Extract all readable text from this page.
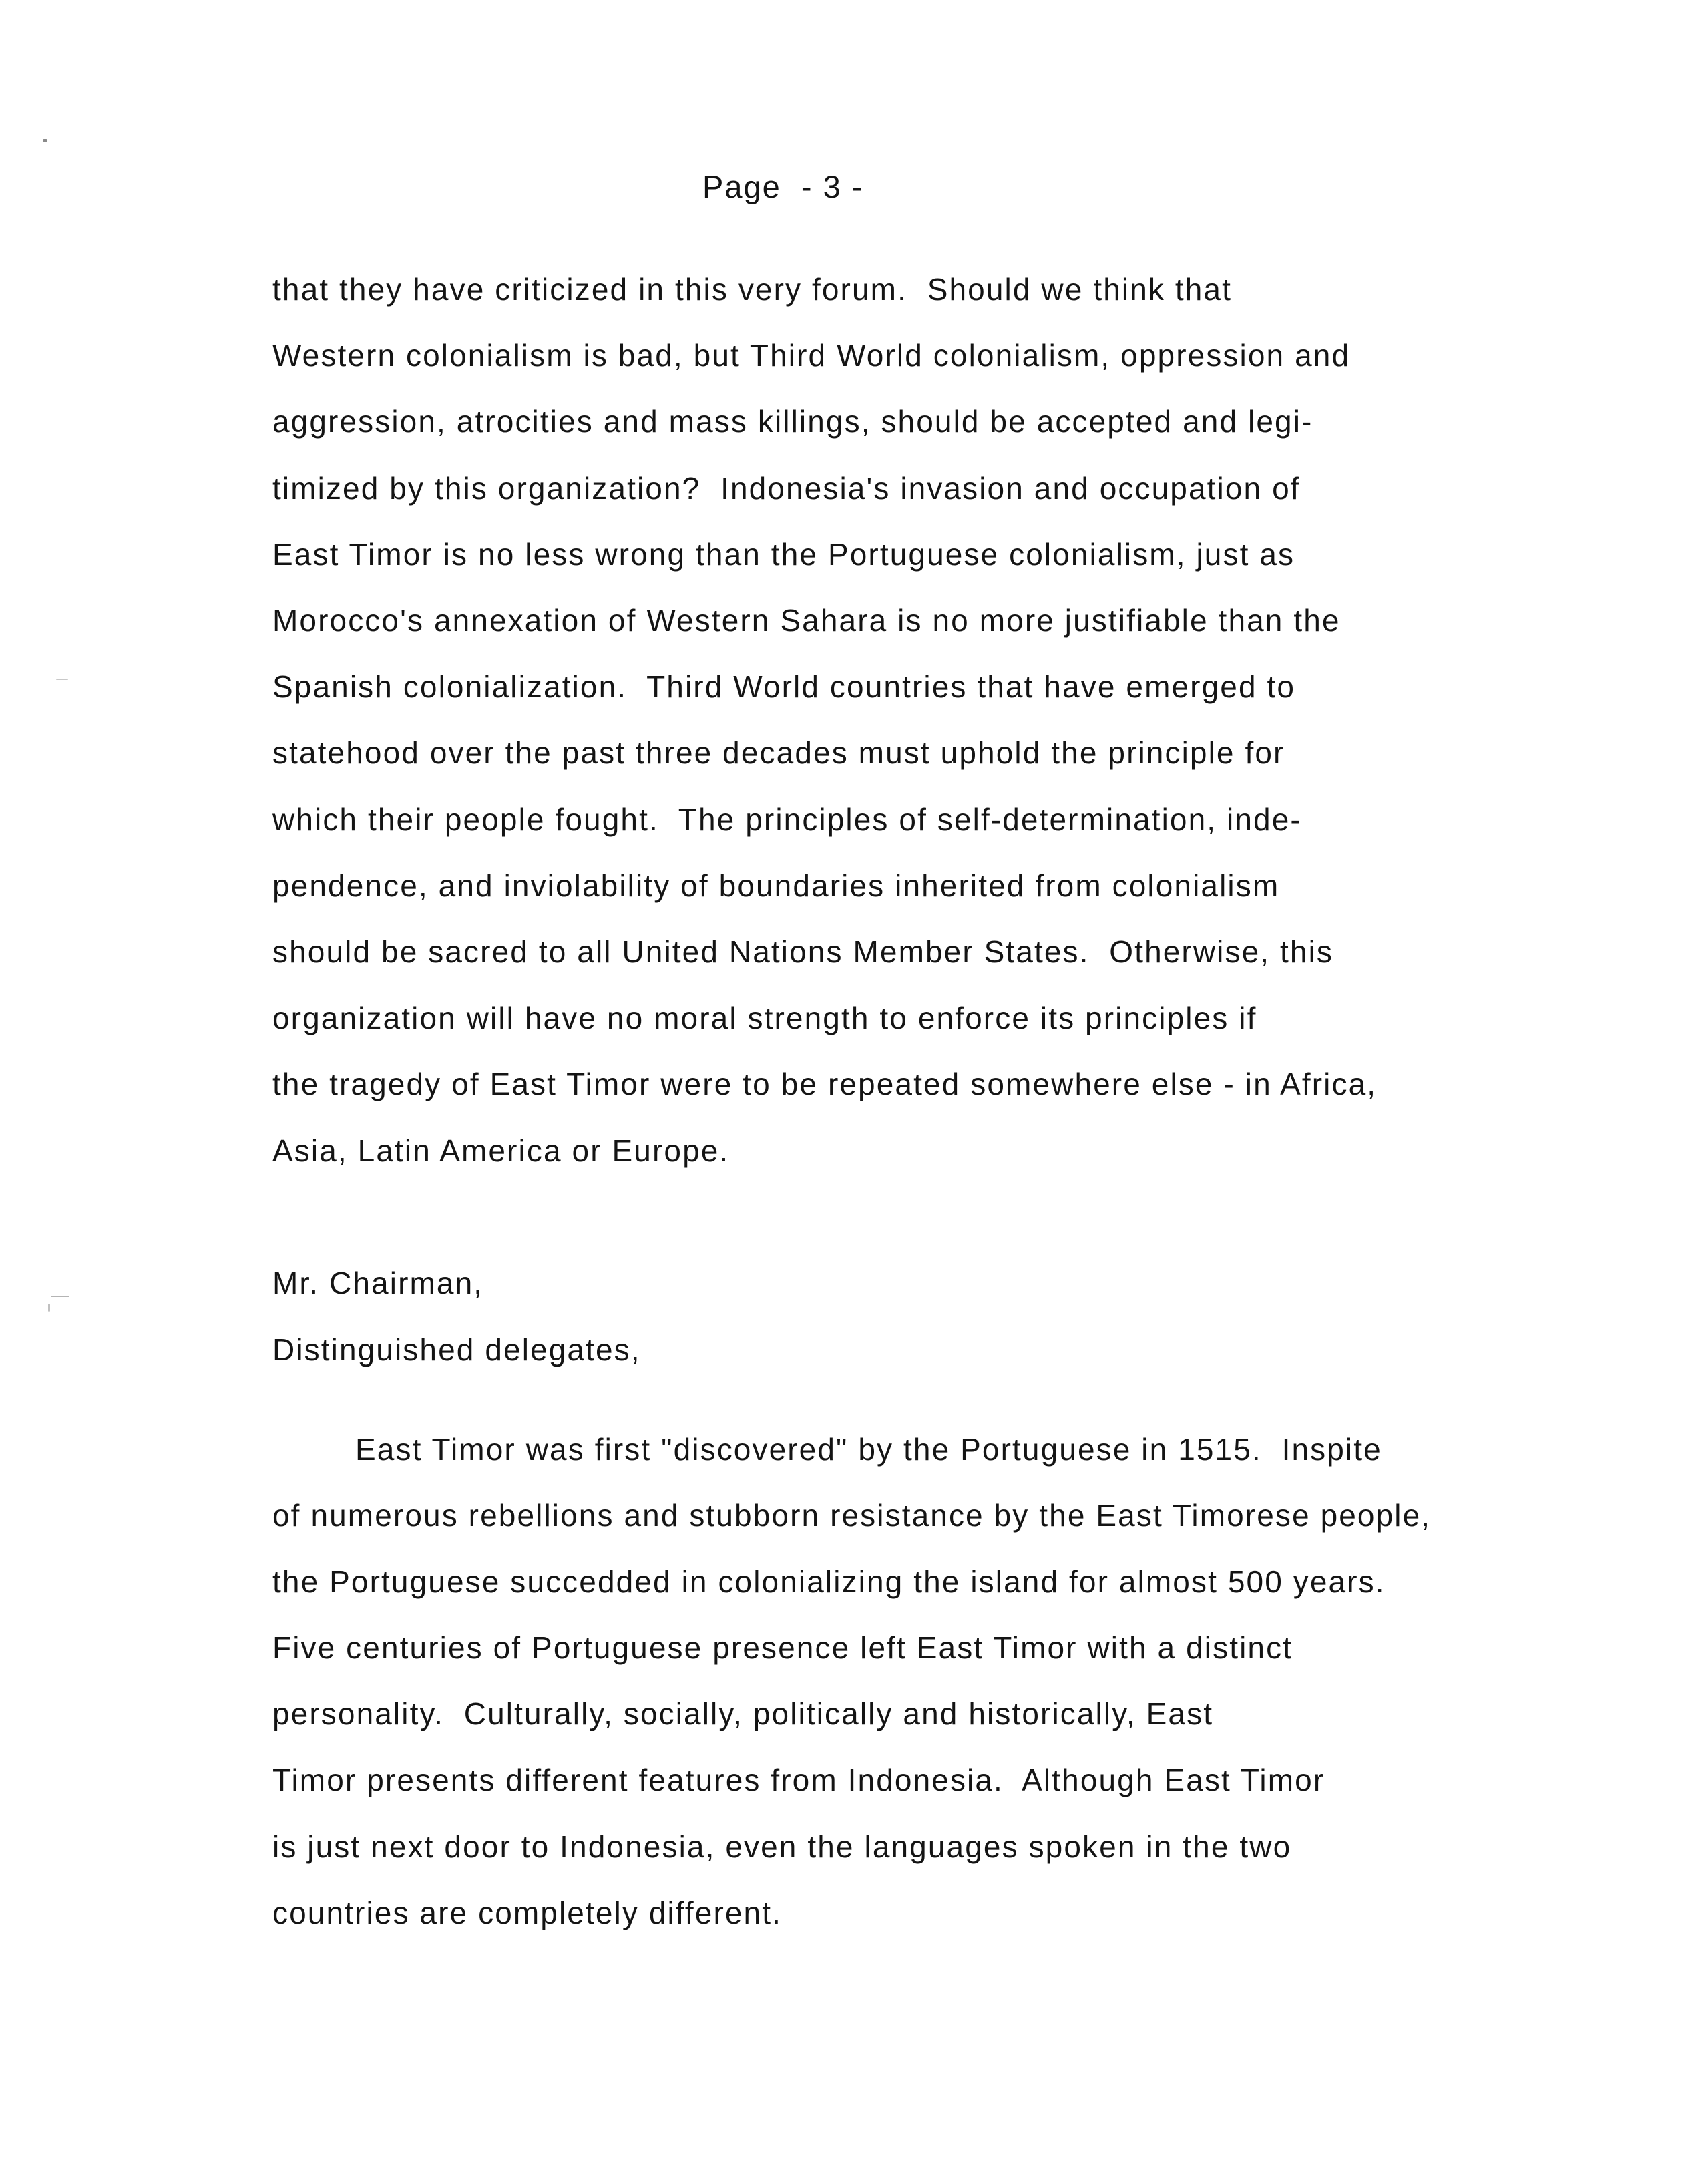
Page  - 3 -
that they have criticized in this very forum.  Should we think that
Western colonialism is bad, but Third World colonialism, oppression and
aggression, atrocities and mass killings, should be accepted and legi-
timized by this organization?  Indonesia's invasion and occupation of
East Timor is no less wrong than the Portuguese colonialism, just as
Morocco's annexation of Western Sahara is no more justifiable than the
Spanish colonialization.  Third World countries that have emerged to
statehood over the past three decades must uphold the principle for
which their people fought.  The principles of self-determination, inde-
pendence, and inviolability of boundaries inherited from colonialism
should be sacred to all United Nations Member States.  Otherwise, this
organization will have no moral strength to enforce its principles if
the tragedy of East Timor were to be repeated somewhere else - in Africa,
Asia, Latin America or Europe.
Mr. Chairman,
Distinguished delegates,
East Timor was first "discovered" by the Portuguese in 1515.  Inspite
of numerous rebellions and stubborn resistance by the East Timorese people,
the Portuguese succedded in colonializing the island for almost 500 years.
Five centuries of Portuguese presence left East Timor with a distinct
personality.  Culturally, socially, politically and historically, East
Timor presents different features from Indonesia.  Although East Timor
is just next door to Indonesia, even the languages spoken in the two
countries are completely different.
